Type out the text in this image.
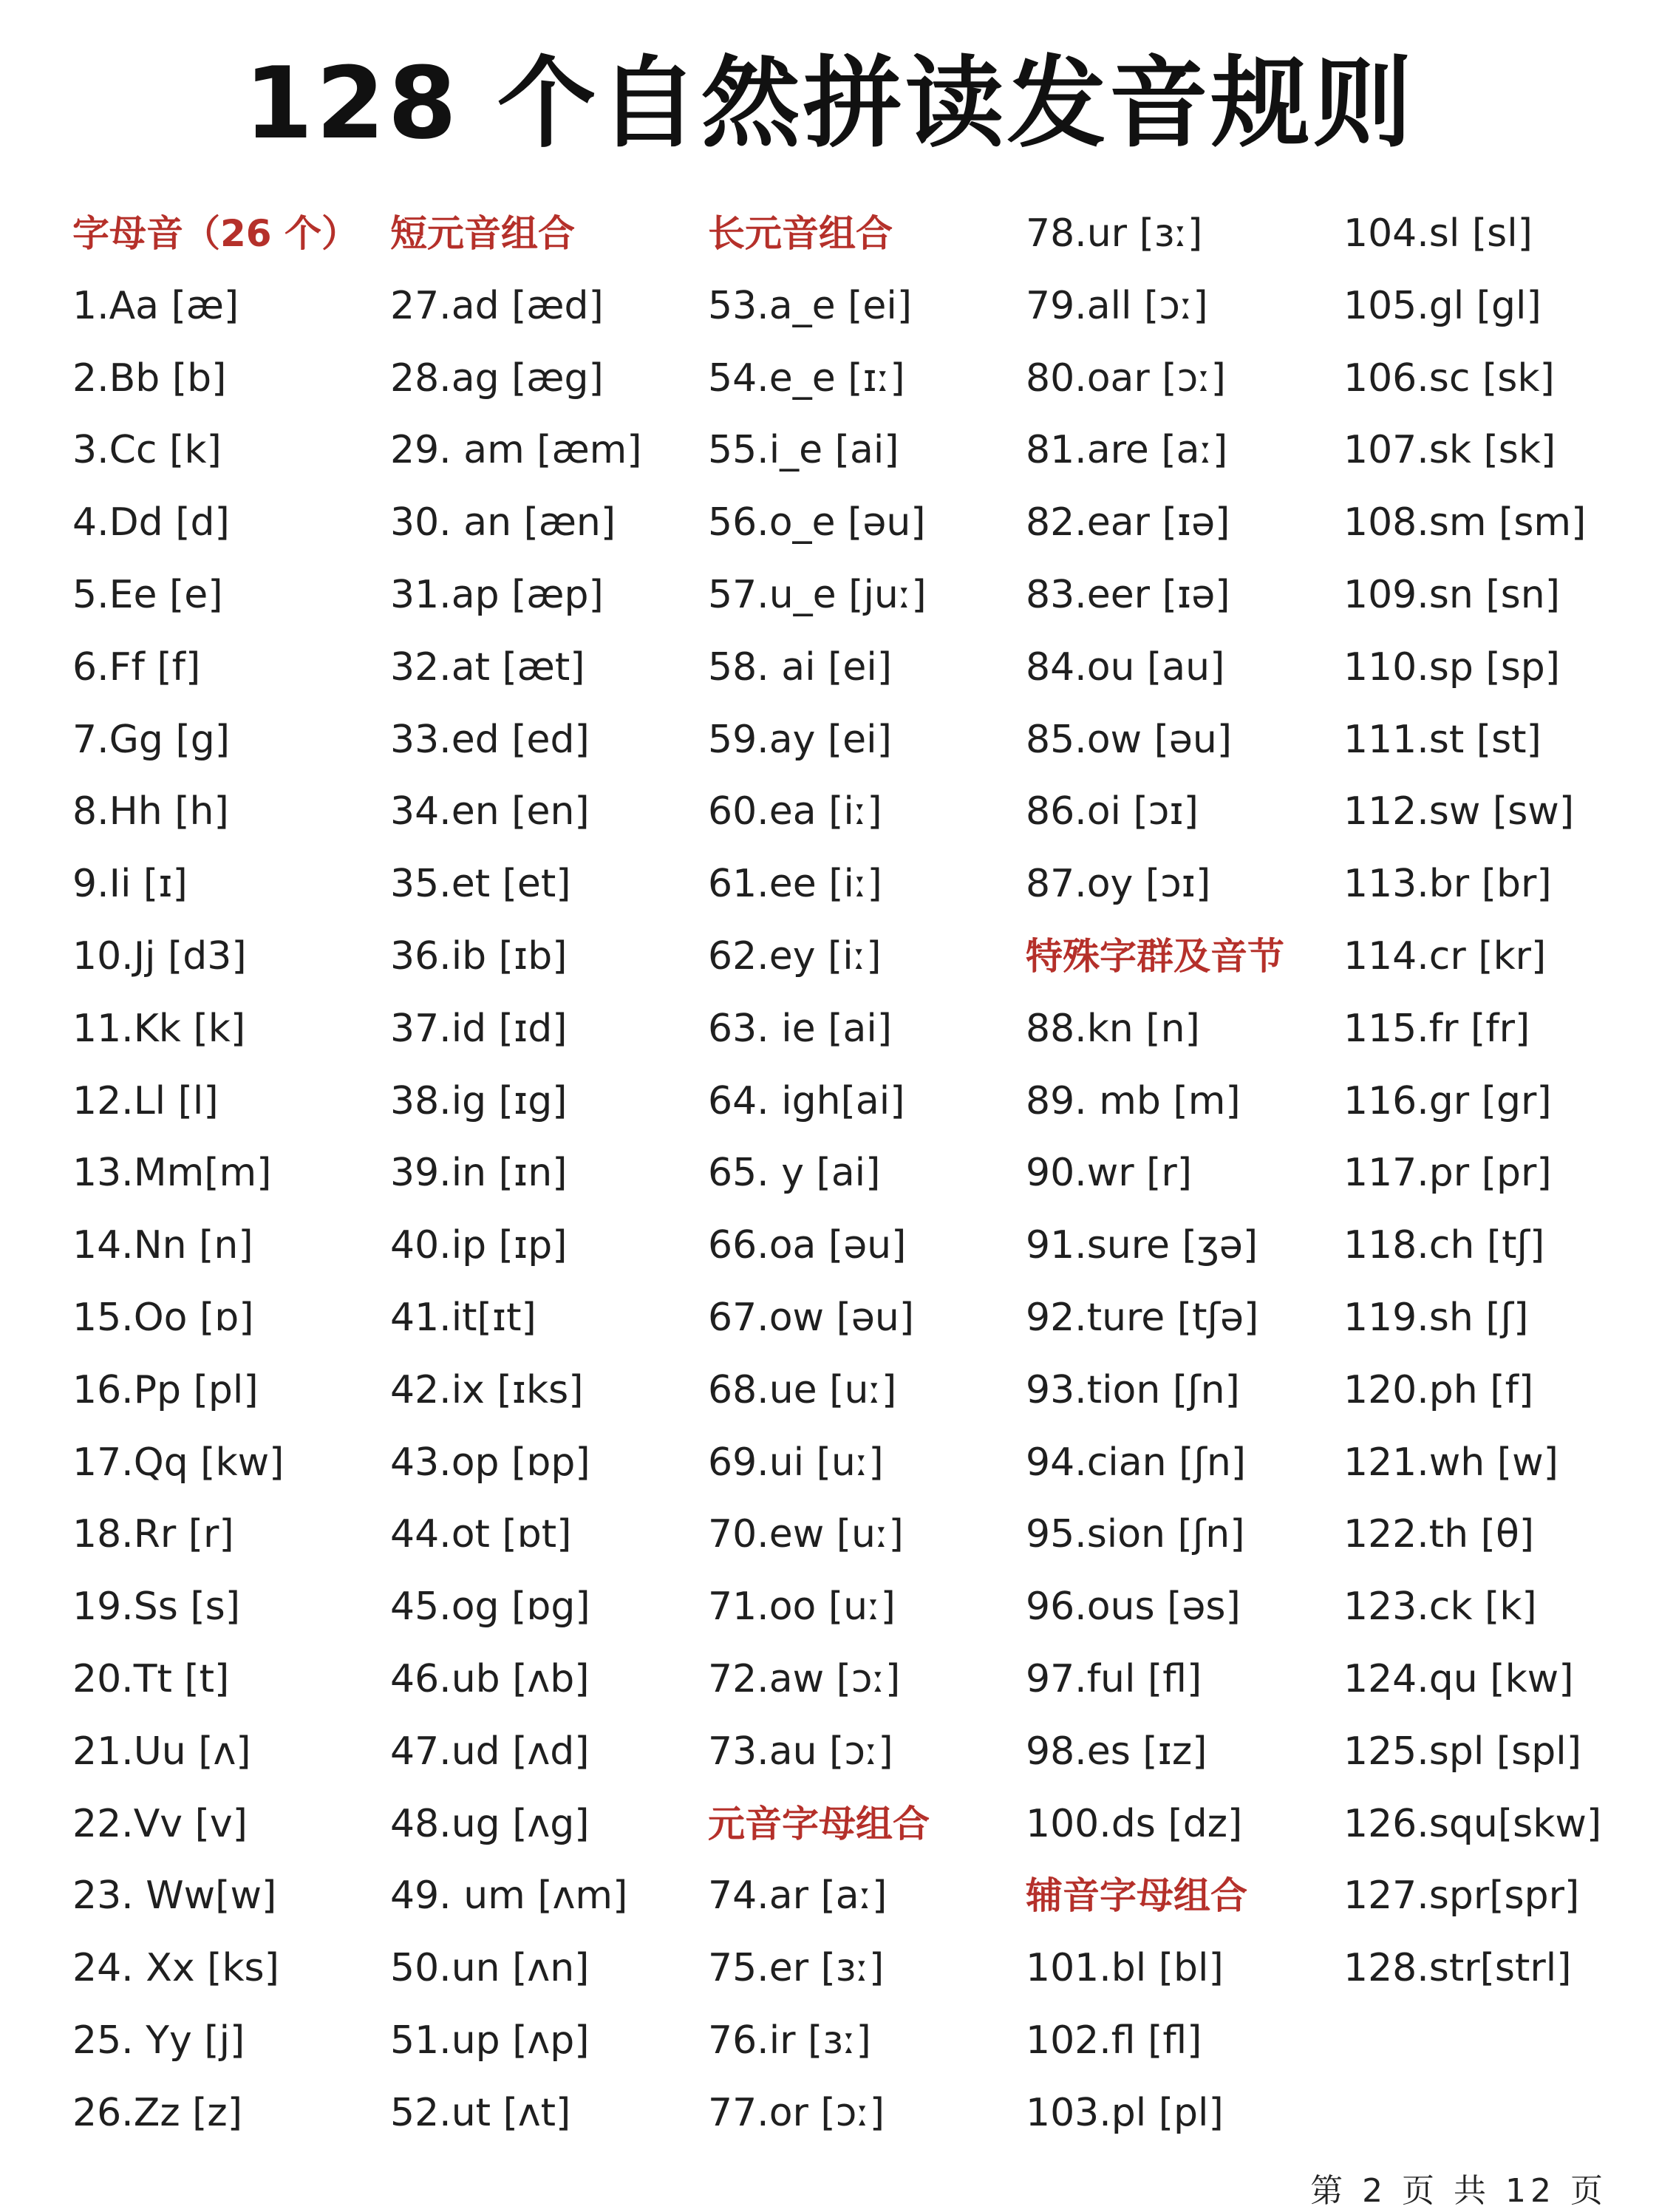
128 个自然拼读发音规则
字母音（26 个）
1.Aa [æ]
2.Bb [b]
3.Cc [k]
4.Dd [d]
5.Ee [e]
6.Ff [f]
7.Gg [g]
8.Hh [h]
9.Ii [ɪ]
10.Jj [d3]
11.Kk [k]
12.Ll [l]
13.Mm[m]
14.Nn [n]
15.Oo [ɒ]
16.Pp [pl]
17.Qq [kw]
18.Rr [r]
19.Ss [s]
20.Tt [t]
21.Uu [ʌ]
22.Vv [v]
23. Ww[w]
24. Xx [ks]
25. Yy [j]
26.Zz [z]
短元音组合
27.ad [æd]
28.ag [æg]
29. am [æm]
30. an [æn]
31.ap [æp]
32.at [æt]
33.ed [ed]
34.en [en]
35.et [et]
36.ib [ɪb]
37.id [ɪd]
38.ig [ɪg]
39.in [ɪn]
40.ip [ɪp]
41.it[ɪt]
42.ix [ɪks]
43.op [ɒp]
44.ot [ɒt]
45.og [ɒg]
46.ub [ʌb]
47.ud [ʌd]
48.ug [ʌg]
49. um [ʌm]
50.un [ʌn]
51.up [ʌp]
52.ut [ʌt]
长元音组合
53.a_e [ei]
54.e_e [ɪː]
55.i_e [ai]
56.o_e [əu]
57.u_e [juː]
58. ai [ei]
59.ay [ei]
60.ea [iː]
61.ee [iː]
62.ey [iː]
63. ie [ai]
64. igh[ai]
65. y [ai]
66.oa [əu]
67.ow [əu]
68.ue [uː]
69.ui [uː]
70.ew [uː]
71.oo [uː]
72.aw [ɔː]
73.au [ɔː]
元音字母组合
74.ar [aː]
75.er [ɜː]
76.ir [ɜː]
77.or [ɔː]
78.ur [ɜː]
79.all [ɔː]
80.oar [ɔː]
81.are [aː]
82.ear [ɪə]
83.eer [ɪə]
84.ou [au]
85.ow [əu]
86.oi [ɔɪ]
87.oy [ɔɪ]
特殊字群及音节
88.kn [n]
89. mb [m]
90.wr [r]
91.sure [ʒə]
92.ture [tʃə]
93.tion [ʃn]
94.cian [ʃn]
95.sion [ʃn]
96.ous [əs]
97.ful [fl]
98.es [ɪz]
100.ds [dz]
辅音字母组合
101.bl [bl]
102.fl [fl]
103.pl [pl]
104.sl [sl]
105.gl [gl]
106.sc [sk]
107.sk [sk]
108.sm [sm]
109.sn [sn]
110.sp [sp]
111.st [st]
112.sw [sw]
113.br [br]
114.cr [kr]
115.fr [fr]
116.gr [gr]
117.pr [pr]
118.ch [tʃ]
119.sh [ʃ]
120.ph [f]
121.wh [w]
122.th [θ]
123.ck [k]
124.qu [kw]
125.spl [spl]
126.squ[skw]
127.spr[spr]
128.str[strl]
第 2 页 共 12 页
